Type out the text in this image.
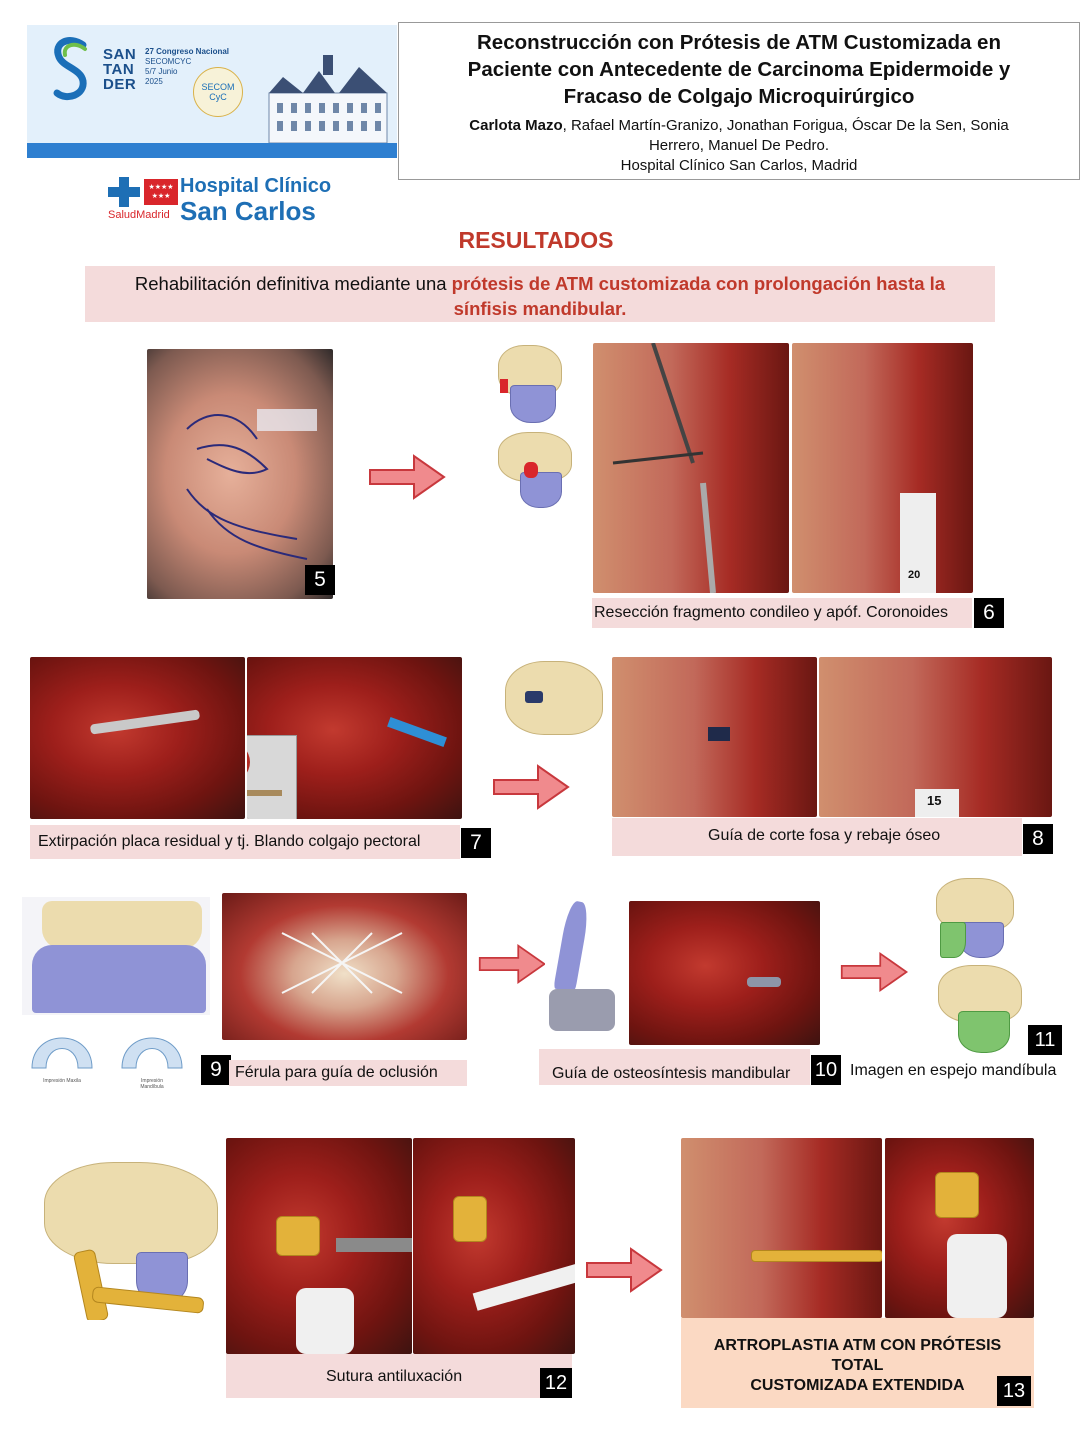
SAN TAN DER
27 Congreso Nacional
SECOMCYC
5/7 Junio
2025
SECOM CyC
Reconstrucción con Prótesis de ATM Customizada en
Paciente con Antecedente de Carcinoma Epidermoide y
Fracaso de Colgajo Microquirúrgico
Carlota Mazo, Rafael Martín-Granizo, Jonathan Forigua, Óscar De la Sen, Sonia
Herrero, Manuel De Pedro.
Hospital Clínico San Carlos, Madrid
★★★★
★★★
SaludMadrid
Hospital Clínico
San Carlos
RESULTADOS
Rehabilitación definitiva mediante una prótesis de ATM customizada con prolongación hasta la
sínfisis mandibular.
5	20
Resección fragmento condileo y apóf. Coronoides	6
Extirpación placa residual y tj. Blando colgajo pectoral	7
15
Guía de corte fosa y rebaje óseo	8
Impresión Maxila	Impresión Mandíbula
9 Férula para guía de oclusión	Guía de osteosíntesis mandibular 10
11
Imagen en espejo mandíbula
Sutura antiluxación	12
ARTROPLASTIA ATM CON PRÓTESIS
TOTAL
CUSTOMIZADA EXTENDIDA	13
